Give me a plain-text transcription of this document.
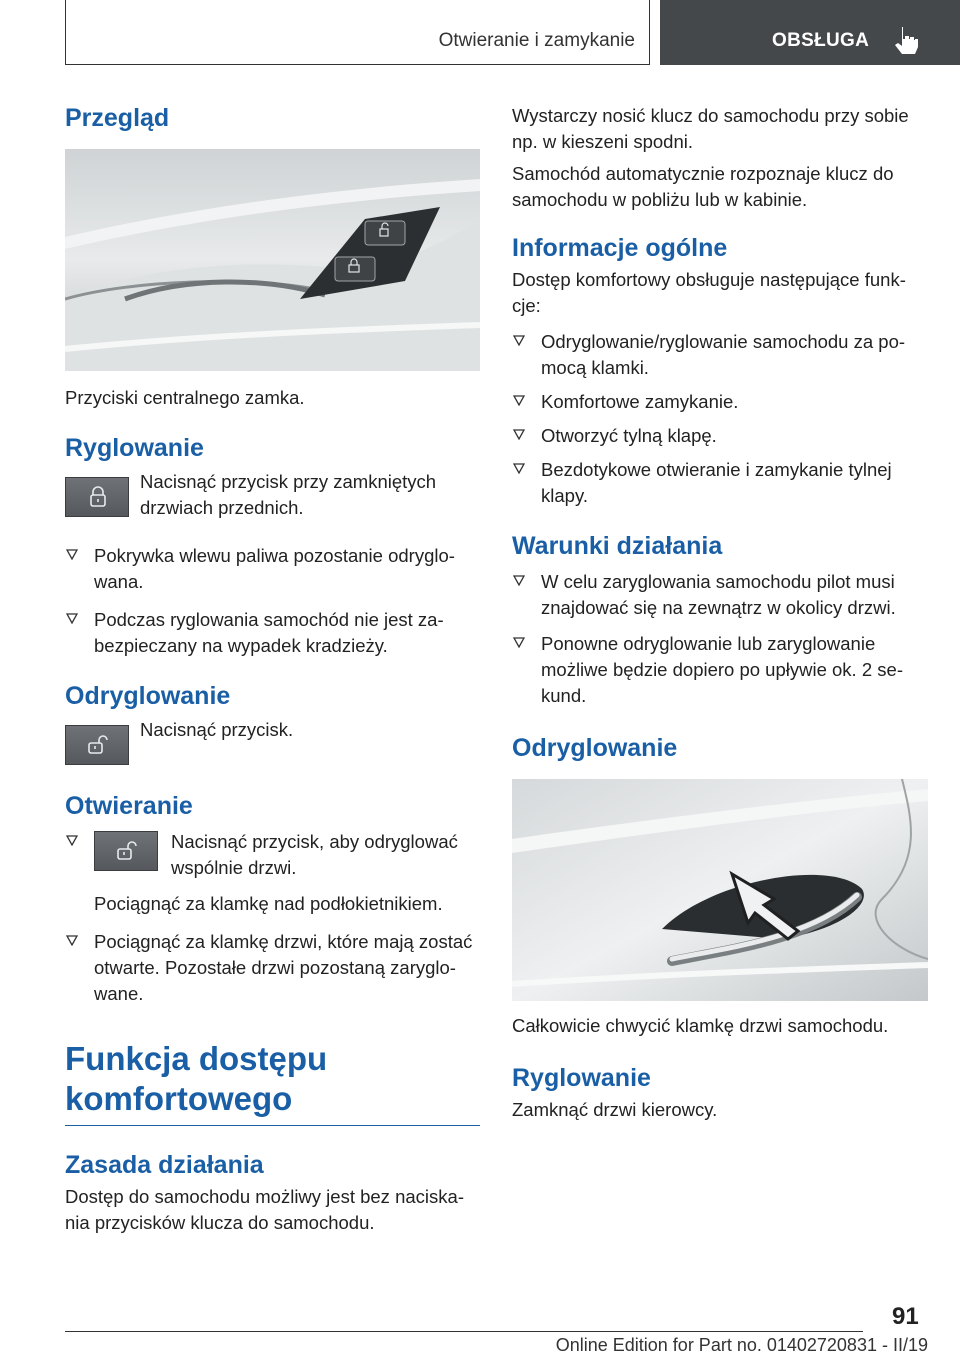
Otwieranie i zamykanie	OBSŁUGA
Przegląd

Przyciski centralnego zamka.

Ryglowanie

Nacisnąć przycisk przy zamkniętych drzwiach przednich.

Pokrywka wlewu paliwa pozostanie odryglowana.
Podczas ryglowania samochód nie jest zabezpieczany na wypadek kradzieży.
Odryglowanie

Nacisnąć przycisk.

Otwieranie
Nacisnąć przycisk, aby odryglować wspólnie drzwi.

Pociągnąć za klamkę nad podłokietnikiem.

Pociągnąć za klamkę drzwi, które mają zostać otwarte. Pozostałe drzwi pozostaną zaryglowane.
Funkcja dostępu
komfortowego
Zasada działania

Dostęp do samochodu możliwy jest bez naciskania przycisków klucza do samochodu.

Wystarczy nosić klucz do samochodu przy sobie np. w kieszeni spodni.

Samochód automatycznie rozpoznaje klucz do samochodu w pobliżu lub w kabinie.

Informacje ogólne

Dostęp komfortowy obsługuje następujące funkcje:

Odryglowanie/ryglowanie samochodu za pomocą klamki.
Komfortowe zamykanie.
Otworzyć tylną klapę.
Bezdotykowe otwieranie i zamykanie tylnej klapy.
Warunki działania
W celu zaryglowania samochodu pilot musi znajdować się na zewnątrz w okolicy drzwi.
Ponowne odryglowanie lub zaryglowanie możliwe będzie dopiero po upływie ok. 2 sekund.
Odryglowanie

Całkowicie chwycić klamkę drzwi samochodu.

Ryglowanie

Zamknąć drzwi kierowcy.

91
Online Edition for Part no. 01402720831 - II/19
